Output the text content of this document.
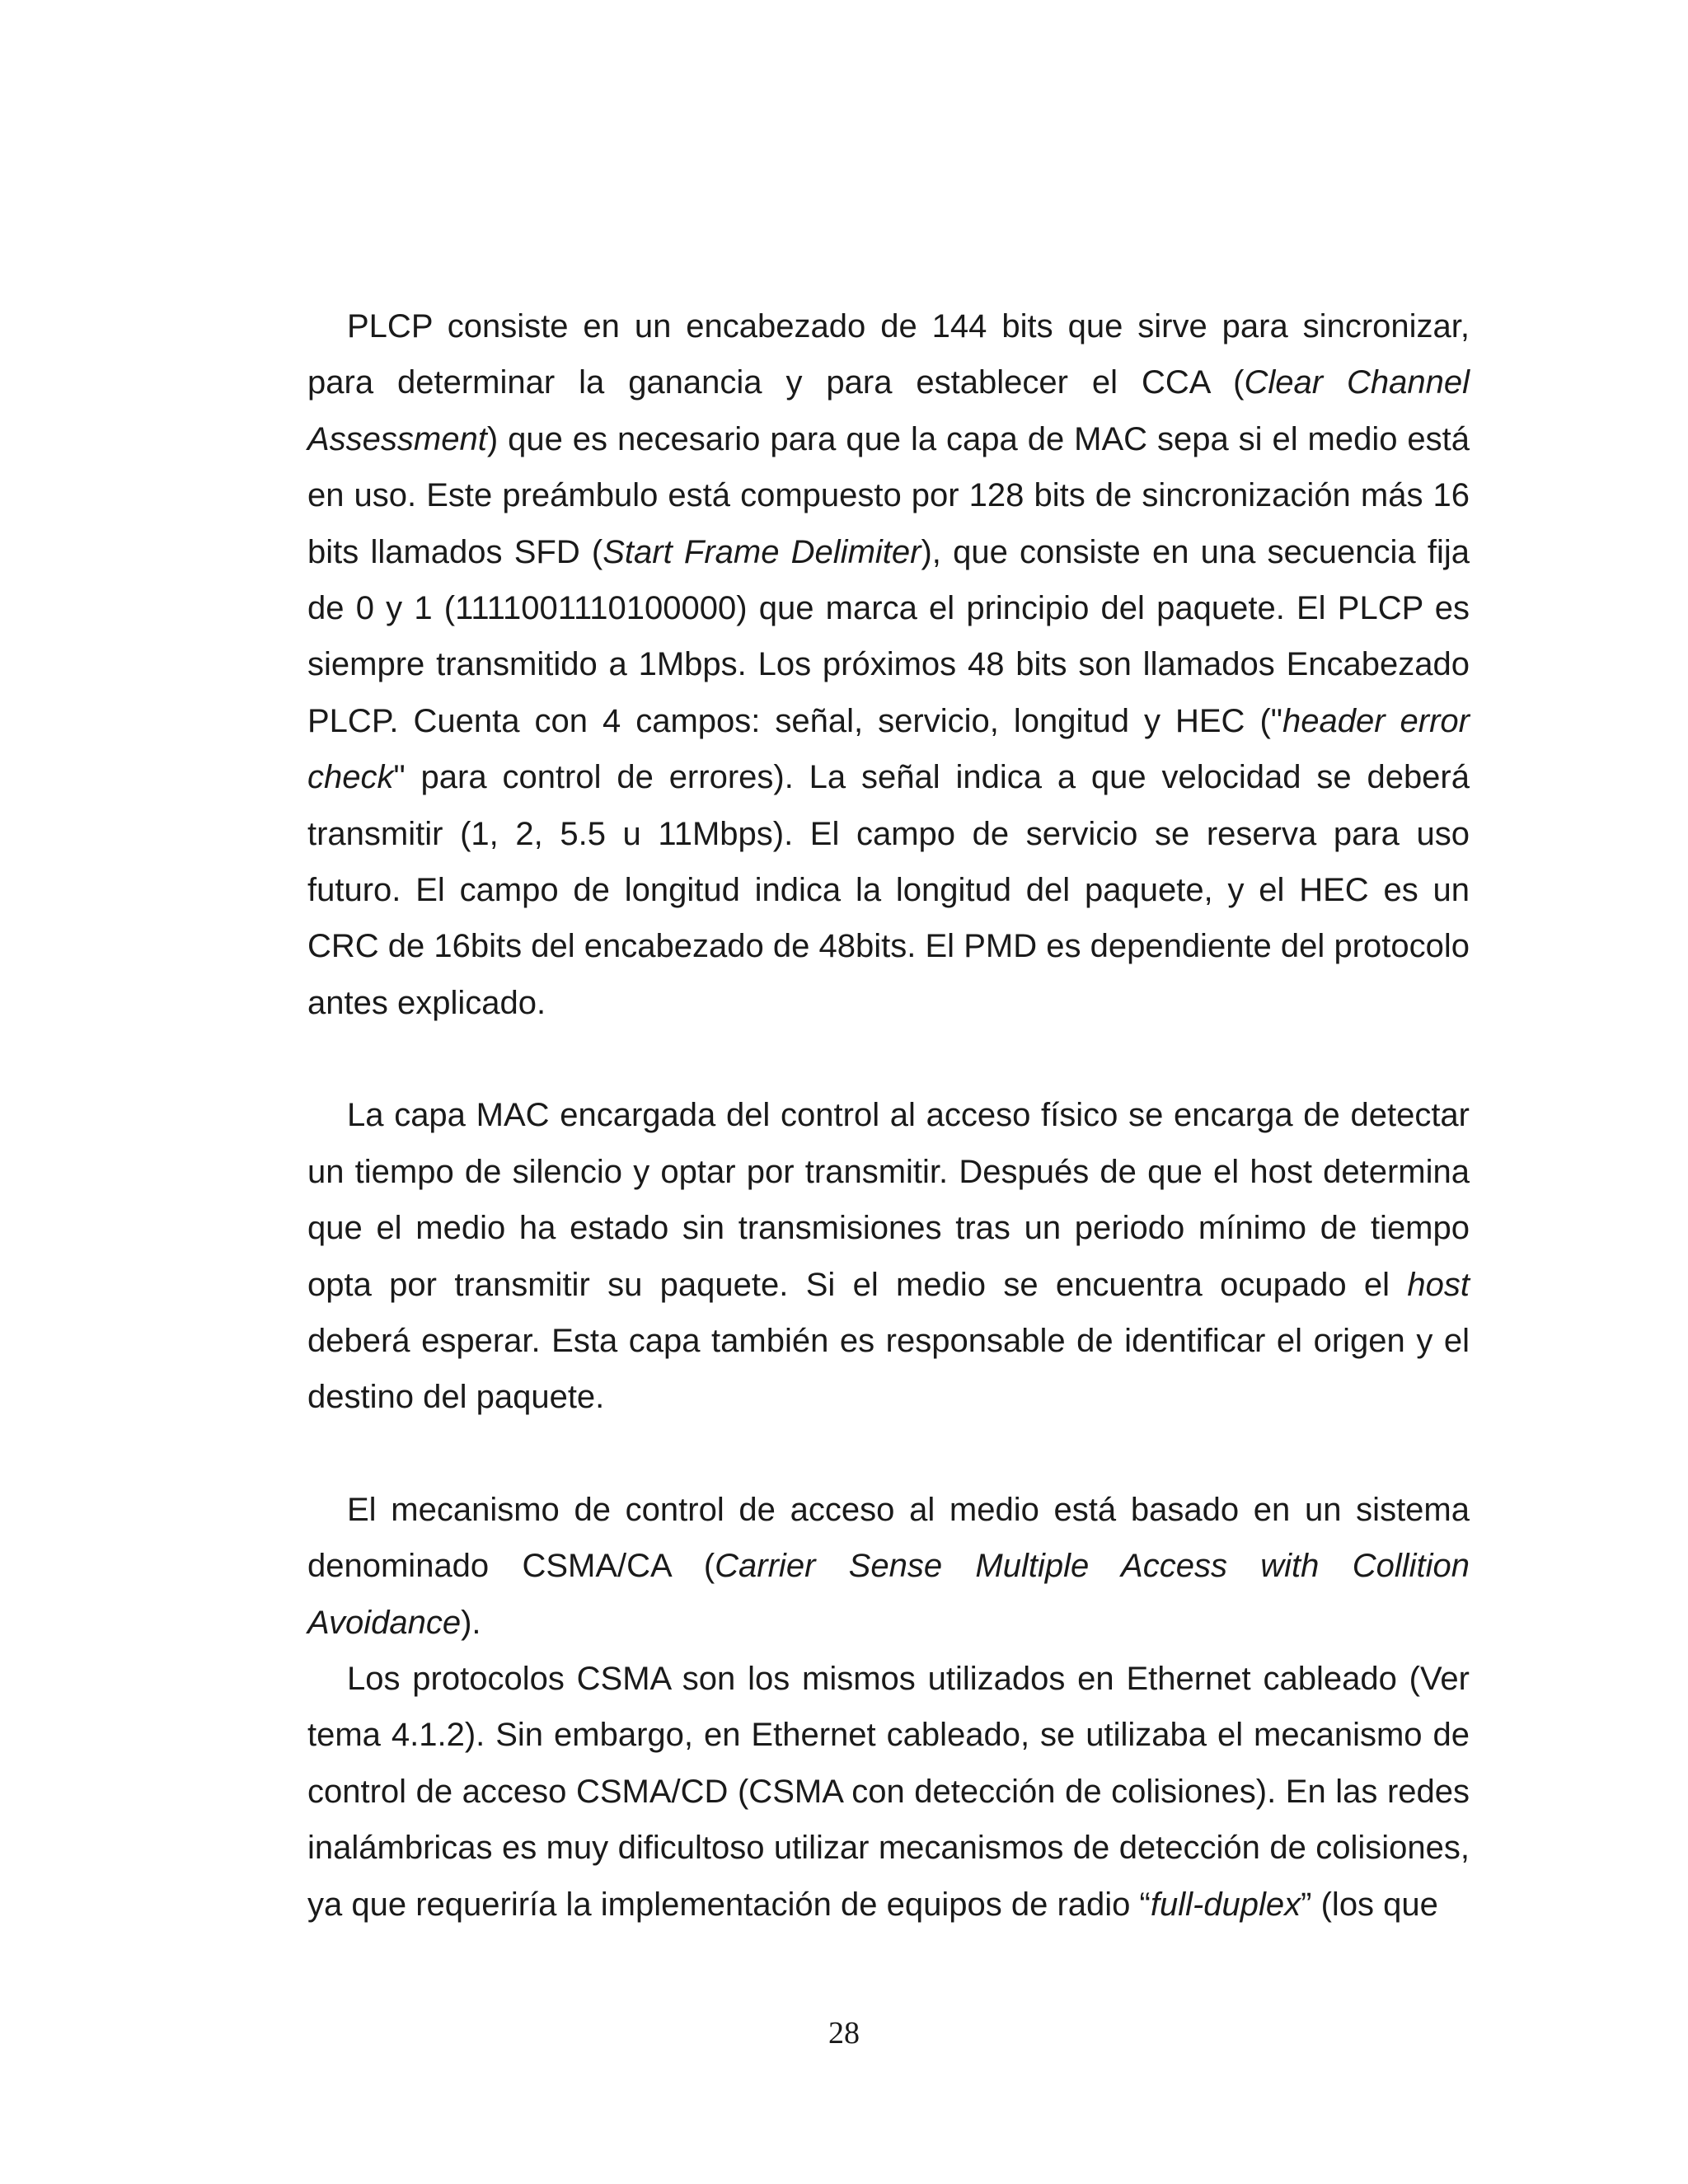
PLCP consiste en un encabezado de 144 bits que sirve para sincronizar, para determinar la ganancia y para establecer el CCA (Clear Channel Assessment) que es necesario para que la capa de MAC sepa si el medio está en uso. Este preámbulo está compuesto por 128 bits de sincronización más 16 bits llamados SFD (Start Frame Delimiter), que consiste en una secuencia fija de 0 y 1 (1111001110100000) que marca el principio del paquete. El PLCP es siempre transmitido a 1Mbps. Los próximos 48 bits son llamados Encabezado PLCP. Cuenta con 4 campos: señal, servicio, longitud y HEC ("header error check" para control de errores). La señal indica a que velocidad se deberá transmitir (1, 2, 5.5 u 11Mbps). El campo de servicio se reserva para uso futuro. El campo de longitud indica la longitud del paquete, y el HEC es un CRC de 16bits del encabezado de 48bits. El PMD es dependiente del protocolo antes explicado.

La capa MAC encargada del control al acceso físico se encarga de detectar un tiempo de silencio y optar por transmitir. Después de que el host determina que el medio ha estado sin transmisiones tras un periodo mínimo de tiempo opta por transmitir su paquete. Si el medio se encuentra ocupado el host deberá esperar. Esta capa también es responsable de identificar el origen y el destino del paquete.

El mecanismo de control de acceso al medio está basado en un sistema denominado CSMA/CA (Carrier Sense Multiple Access with Collition Avoidance).

Los protocolos CSMA son los mismos utilizados en Ethernet cableado (Ver tema 4.1.2). Sin embargo, en Ethernet cableado, se utilizaba el mecanismo de control de acceso CSMA/CD (CSMA con detección de colisiones). En las redes inalámbricas es muy dificultoso utilizar mecanismos de detección de colisiones, ya que requeriría la implementación de equipos de radio “full-duplex” (los que

28
